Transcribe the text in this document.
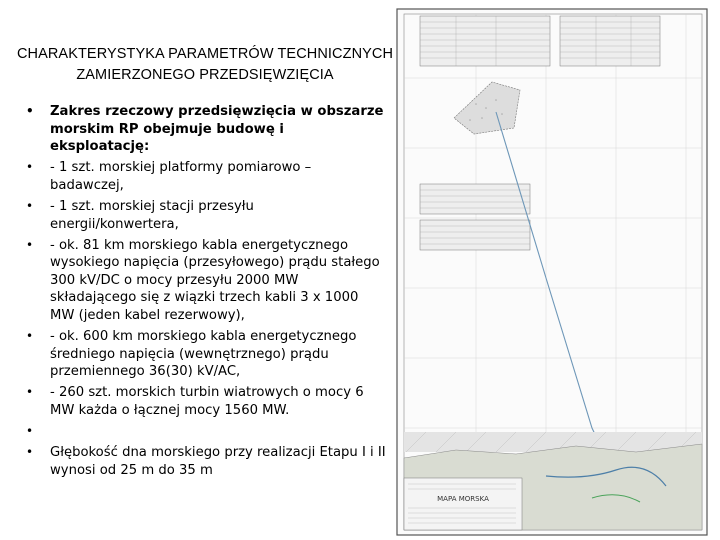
CHARAKTERYSTYKA PARAMETRÓW TECHNICZNYCH
ZAMIERZONEGO PRZEDSIĘWZIĘCIA
• Zakres rzeczowy przedsięwzięcia w obszarze morskim RP obejmuje budowę i eksploatację:
• - 1 szt. morskiej platformy pomiarowo – badawczej,
• - 1 szt. morskiej stacji przesyłu energii/konwertera,
• - ok. 81 km morskiego kabla energetycznego wysokiego napięcia (przesyłowego) prądu stałego 300 kV/DC o mocy przesyłu 2000 MW składającego się z wiązki trzech kabli 3 x 1000 MW (jeden kabel rezerwowy),
• - ok. 600 km morskiego kabla energetycznego średniego napięcia (wewnętrznego) prądu przemiennego 36(30) kV/AC,
• - 260 szt. morskich turbin wiatrowych o mocy 6 MW każda o łącznej mocy 1560 MW.
•
• Głębokość dna morskiego przy realizacji Etapu I i II wynosi od 25 m do 35 m
MAPA MORSKA
